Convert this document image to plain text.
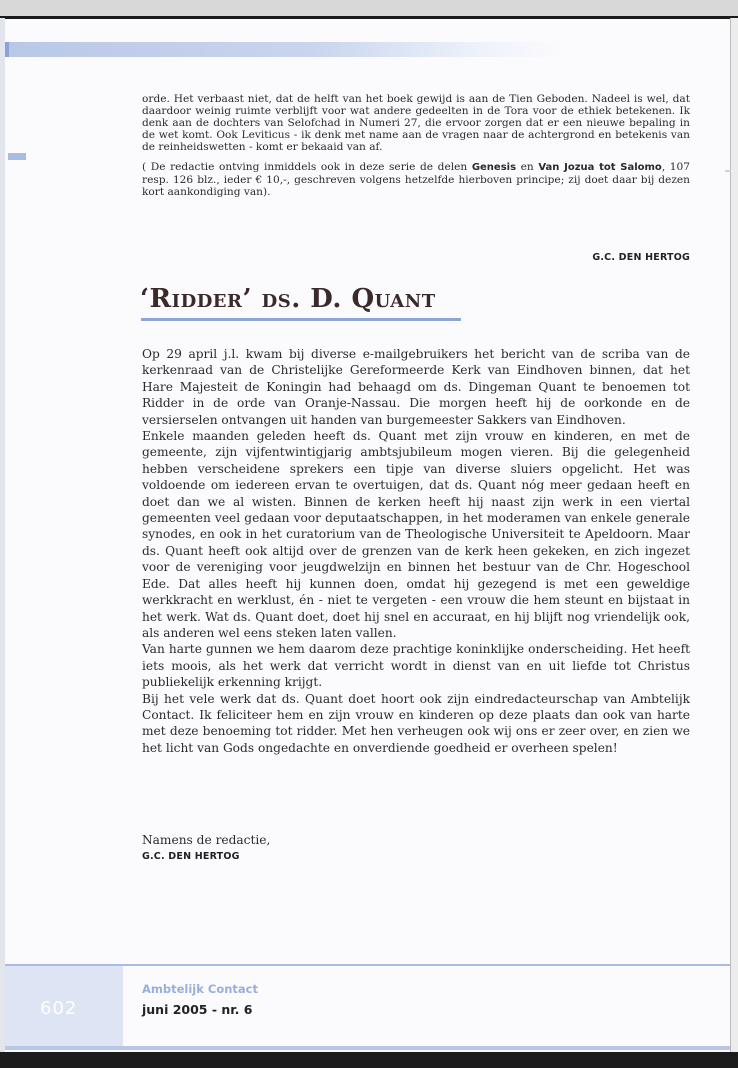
orde. Het verbaast niet, dat de helft van het boek gewijd is aan de Tien Geboden. Nadeel is wel, dat daardoor weinig ruimte verblijft voor wat andere gedeelten in de Tora voor de ethiek betekenen. Ik denk aan de dochters van Selofchad in Numeri 27, die ervoor zorgen dat er een nieuwe bepaling in de wet komt. Ook Leviticus - ik denk met name aan de vragen naar de achtergrond en betekenis van de reinheidswetten - komt er bekaaid van af.

( De redactie ontving inmiddels ook in deze serie de delen Genesis en Van Jozua tot Salomo, 107 resp. 126 blz., ieder € 10,-, geschreven volgens hetzelfde hierboven principe; zij doet daar bij dezen kort aankondiging van).

G.C. DEN HERTOG
‘Ridder’ ds. D. Quant

Op 29 april j.l. kwam bij diverse e-mailgebruikers het bericht van de scriba van de kerkenraad van de Christelijke Gereformeerde Kerk van Eindhoven binnen, dat het Hare Majesteit de Koningin had behaagd om ds. Dingeman Quant te benoemen tot Ridder in de orde van Oranje-Nassau. Die morgen heeft hij de oorkonde en de versierselen ontvangen uit handen van burgemeester Sakkers van Eindhoven.

Enkele maanden geleden heeft ds. Quant met zijn vrouw en kinderen, en met de gemeente, zijn vijfentwintigjarig ambtsjubileum mogen vieren. Bij die gelegenheid hebben verscheidene sprekers een tipje van diverse sluiers opgelicht. Het was voldoende om iedereen ervan te overtuigen, dat ds. Quant nóg meer gedaan heeft en doet dan we al wisten. Binnen de kerken heeft hij naast zijn werk in een viertal gemeenten veel gedaan voor deputaatschappen, in het moderamen van enkele generale synodes, en ook in het curatorium van de Theologische Universiteit te Apeldoorn. Maar ds. Quant heeft ook altijd over de grenzen van de kerk heen gekeken, en zich ingezet voor de vereniging voor jeugdwelzijn en binnen het bestuur van de Chr. Hogeschool Ede. Dat alles heeft hij kunnen doen, omdat hij gezegend is met een geweldige werkkracht en werklust, én - niet te vergeten - een vrouw die hem steunt en bijstaat in het werk. Wat ds. Quant doet, doet hij snel en accuraat, en hij blijft nog vriendelijk ook, als anderen wel eens steken laten vallen.

Van harte gunnen we hem daarom deze prachtige koninklijke onderscheiding. Het heeft iets moois, als het werk dat verricht wordt in dienst van en uit liefde tot Christus publiekelijk erkenning krijgt.

Bij het vele werk dat ds. Quant doet hoort ook zijn eindredacteurschap van Ambtelijk Contact. Ik feliciteer hem en zijn vrouw en kinderen op deze plaats dan ook van harte met deze benoeming tot ridder. Met hen verheugen ook wij ons er zeer over, en zien we het licht van Gods ongedachte en onverdiende goedheid er overheen spelen!

Namens de redactie,
G.C. DEN HERTOG
602
Ambtelijk Contact
juni 2005 - nr. 6
